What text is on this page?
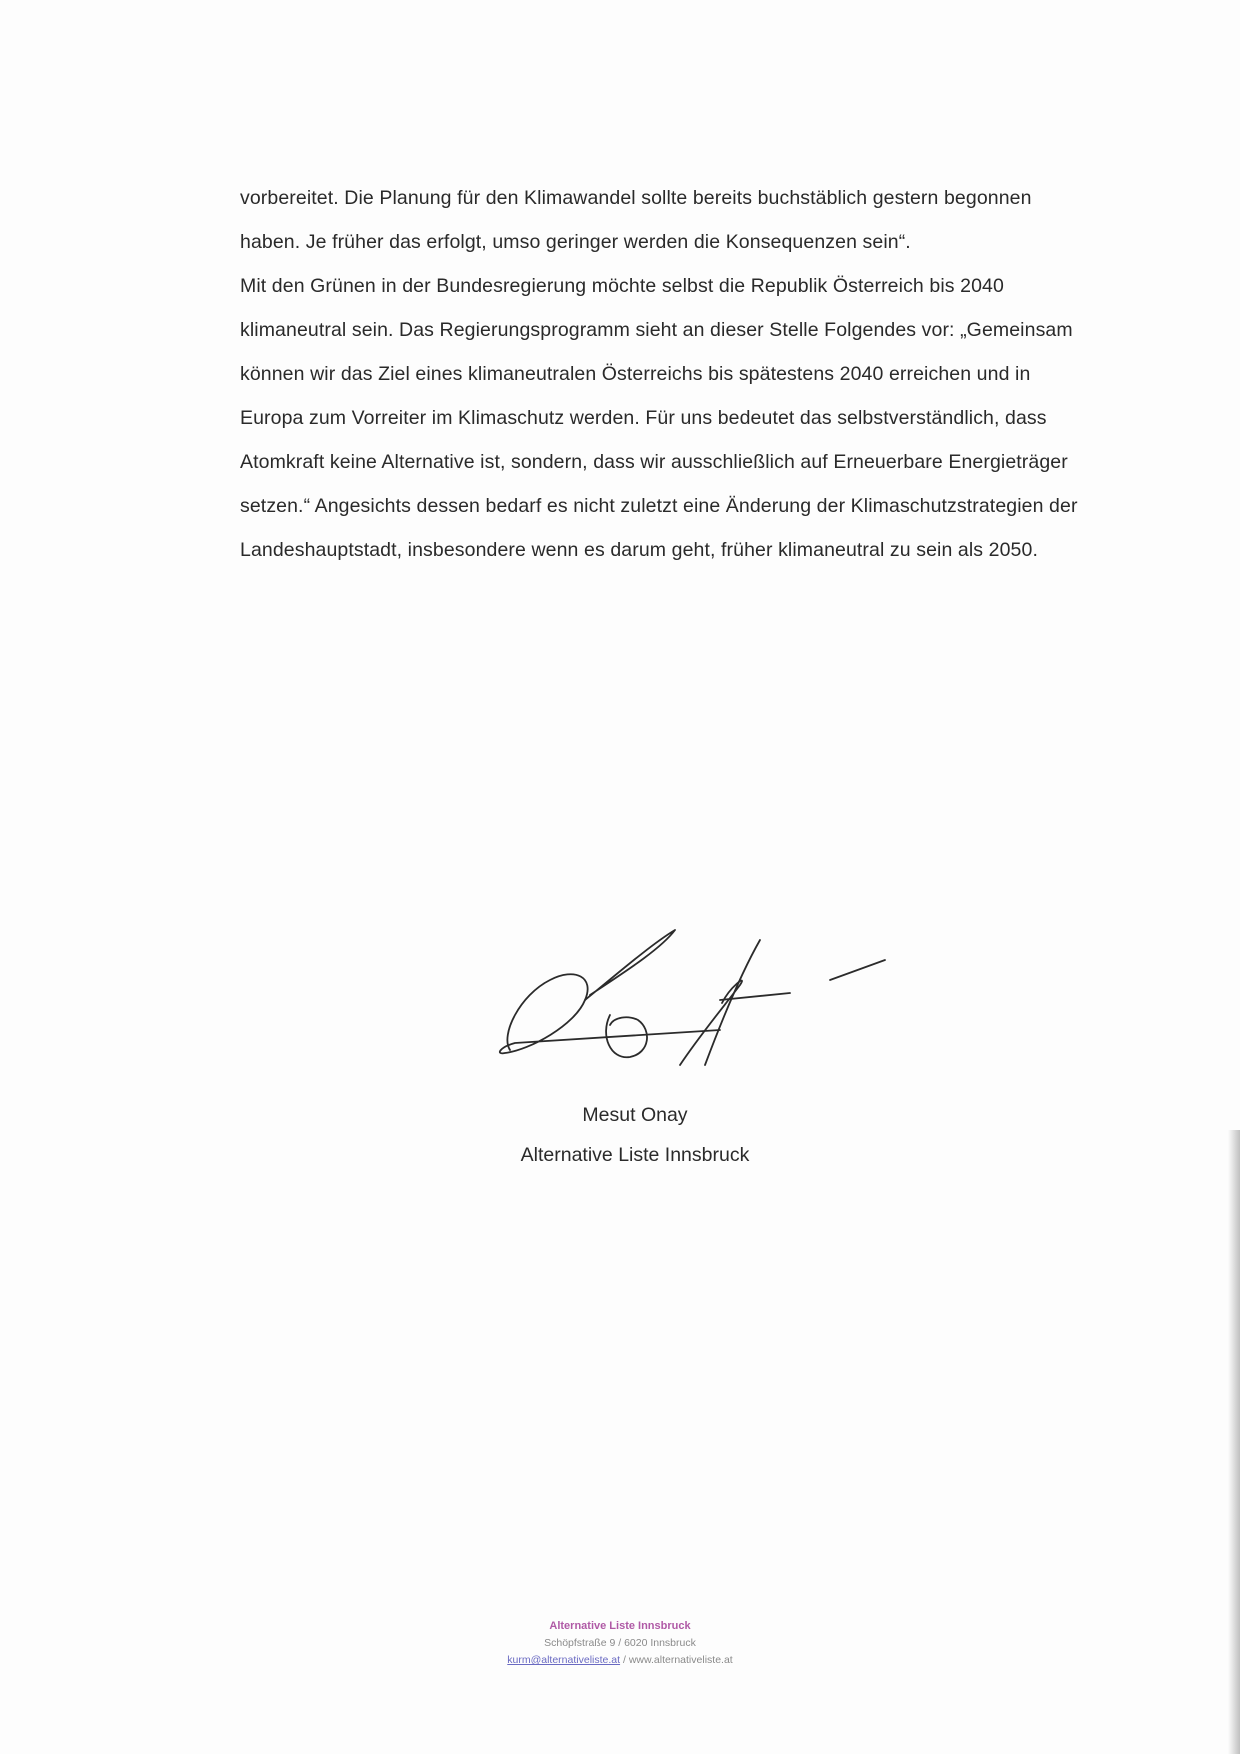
vorbereitet. Die Planung für den Klimawandel sollte bereits buchstäblich gestern begonnen haben. Je früher das erfolgt, umso geringer werden die Konsequenzen sein“.

Mit den Grünen in der Bundesregierung möchte selbst die Republik Österreich bis 2040 klimaneutral sein. Das Regierungsprogramm sieht an dieser Stelle Folgendes vor: „Gemeinsam können wir das Ziel eines klimaneutralen Österreichs bis spätestens 2040 erreichen und in Europa zum Vorreiter im Klimaschutz werden. Für uns bedeutet das selbstverständlich, dass Atomkraft keine Alternative ist, sondern, dass wir ausschließlich auf Erneuerbare Energieträger setzen.“ Angesichts dessen bedarf es nicht zuletzt eine Änderung der Klimaschutzstrategien der Landeshauptstadt, insbesondere wenn es darum geht, früher klimaneutral zu sein als 2050.

Mesut Onay
Alternative Liste Innsbruck
Alternative Liste Innsbruck
Schöpfstraße 9 / 6020 Innsbruck
kurm@alternativeliste.at / www.alternativeliste.at
